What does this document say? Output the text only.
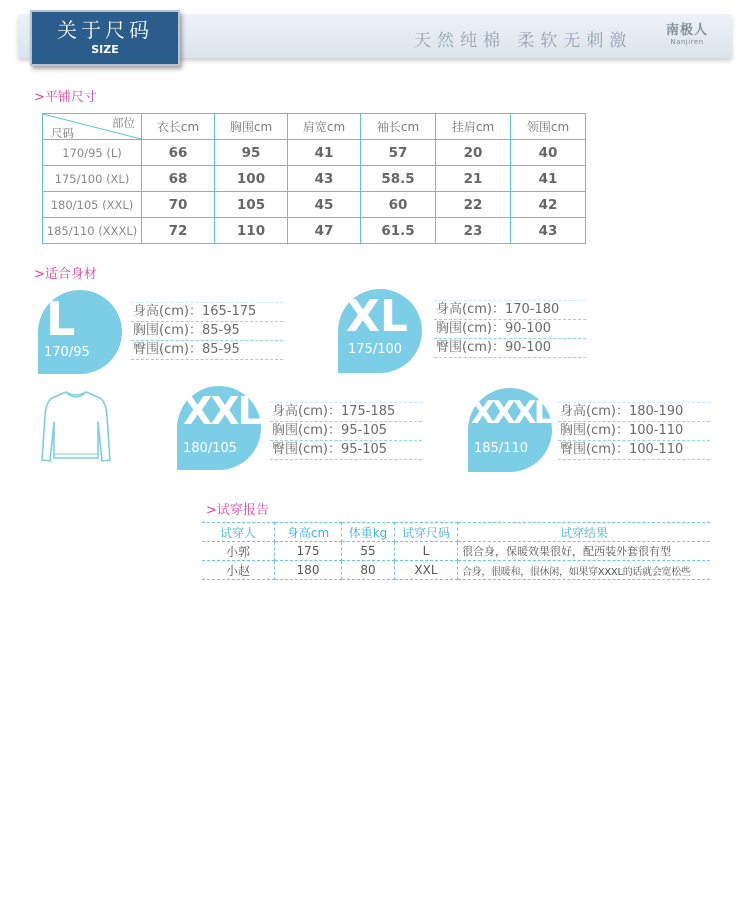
关于尺码
SIZE	天然纯棉 柔软无刺激
南极人
Nanjiren
>平铺尺寸
部位
尺码	衣长cm	胸围cm	肩宽cm	袖长cm	挂肩cm	领围cm
170/95 (L)	66	95	41	57	20	40
175/100 (XL)	68	100	43	58.5	21	41
180/105 (XXL)	70	105	45	60	22	42
185/110 (XXXL)	72	110	47	61.5	23	43
>适合身材
L
170/95
身高(cm)：165-175
胸围(cm)：85-95
臀围(cm)：85-95
XL
175/100
身高(cm)：170-180
胸围(cm)：90-100
臀围(cm)：90-100
XXL
180/105
身高(cm)：175-185
胸围(cm)：95-105
臀围(cm)：95-105
XXXL
185/110
身高(cm)：180-190
胸围(cm)：100-110
臀围(cm)：100-110
>试穿报告
试穿人	身高cm	体重kg	试穿尺码	试穿结果
小郭	175	55	L	很合身，保暖效果很好，配西装外套很有型
小赵	180	80	XXL	合身，很暖和，很休闲，如果穿XXXL的话就会宽松些
